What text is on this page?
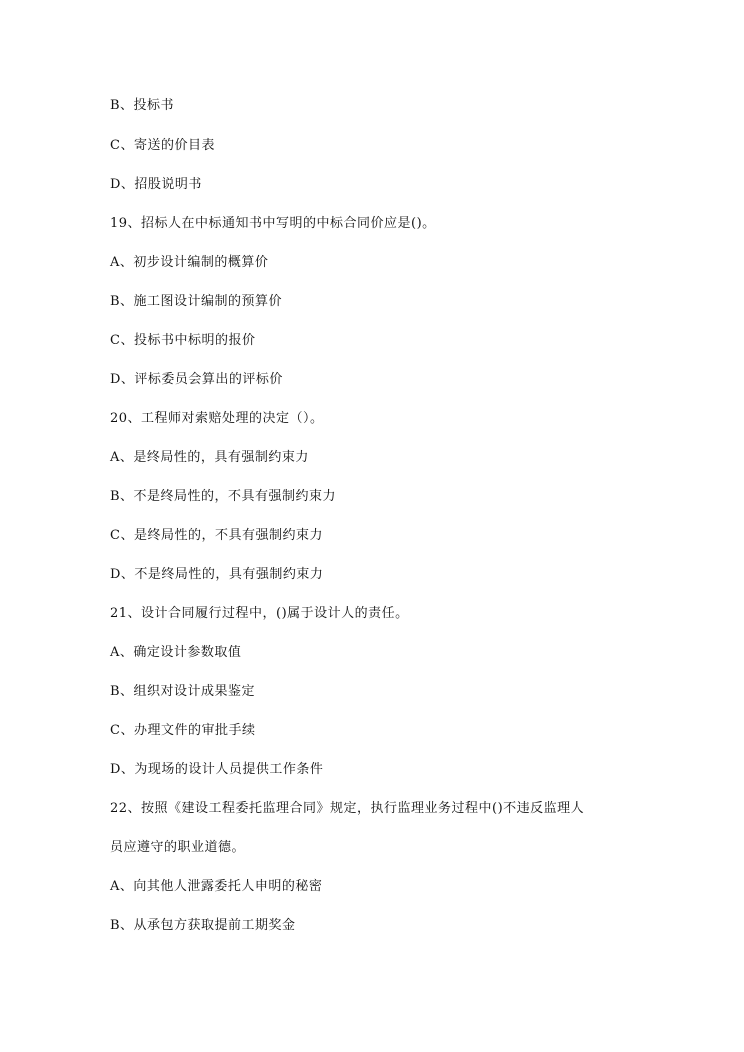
B、投标书
C、寄送的价目表
D、招股说明书
19、招标人在中标通知书中写明的中标合同价应是()。
A、初步设计编制的概算价
B、施工图设计编制的预算价
C、投标书中标明的报价
D、评标委员会算出的评标价
20、工程师对索赔处理的决定（）。
A、是终局性的，具有强制约束力
B、不是终局性的，不具有强制约束力
C、是终局性的，不具有强制约束力
D、不是终局性的，具有强制约束力
21、设计合同履行过程中，()属于设计人的责任。
A、确定设计参数取值
B、组织对设计成果鉴定
C、办理文件的审批手续
D、为现场的设计人员提供工作条件
22、按照《建设工程委托监理合同》规定，执行监理业务过程中()不违反监理人
员应遵守的职业道德。
A、向其他人泄露委托人申明的秘密
B、从承包方获取提前工期奖金
